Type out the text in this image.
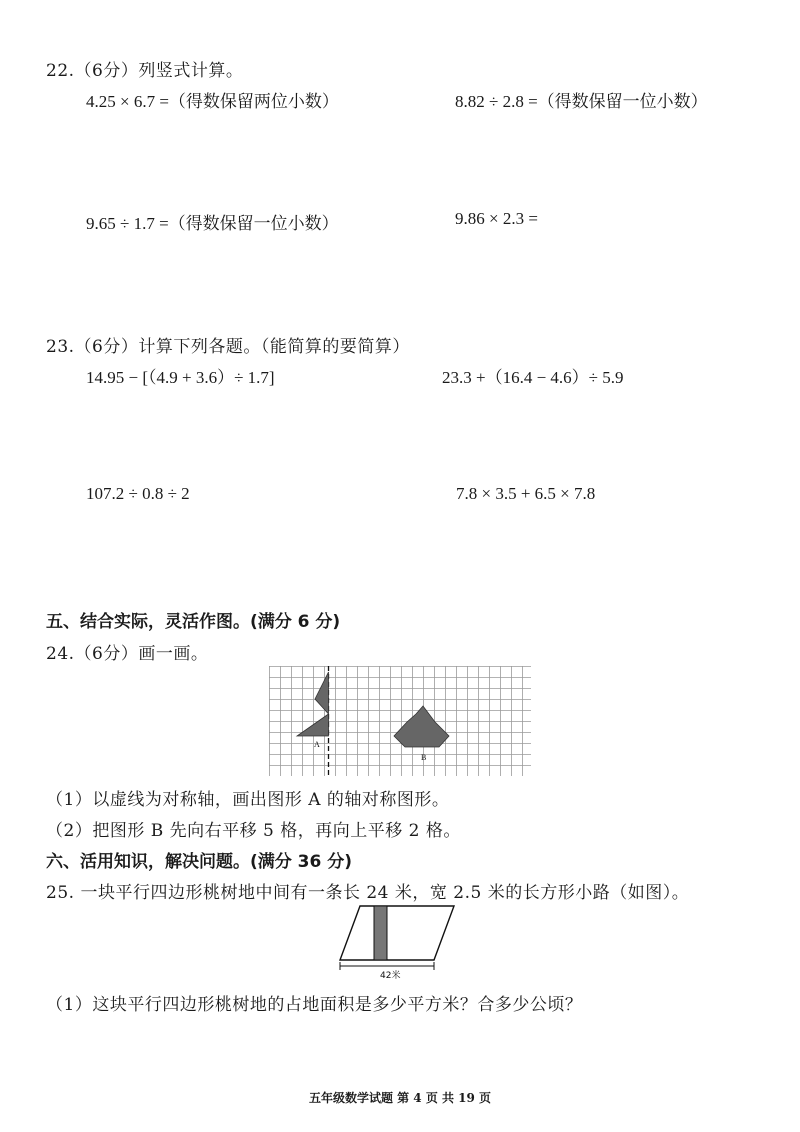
22.（6分）列竖式计算。
4.25 × 6.7 =（得数保留两位小数）	8.82 ÷ 2.8 =（得数保留一位小数）
9.65 ÷ 1.7 =（得数保留一位小数）	9.86 × 2.3 =
23.（6分）计算下列各题。（能简算的要简算）
14.95 − [（4.9 + 3.6）÷ 1.7]	23.3 +（16.4 − 4.6）÷ 5.9
107.2 ÷ 0.8 ÷ 2	7.8 × 3.5 + 6.5 × 7.8
五、结合实际，灵活作图。(满分 6 分)
24.（6分）画一画。
A
B
（1）以虚线为对称轴，画出图形 A 的轴对称图形。
（2）把图形 B 先向右平移 5 格，再向上平移 2 格。
六、活用知识，解决问题。(满分 36 分)
25. 一块平行四边形桃树地中间有一条长 24 米，宽 2.5 米的长方形小路（如图）。
42米
（1）这块平行四边形桃树地的占地面积是多少平方米？合多少公顷？
五年级数学试题 第 4 页 共 19 页
